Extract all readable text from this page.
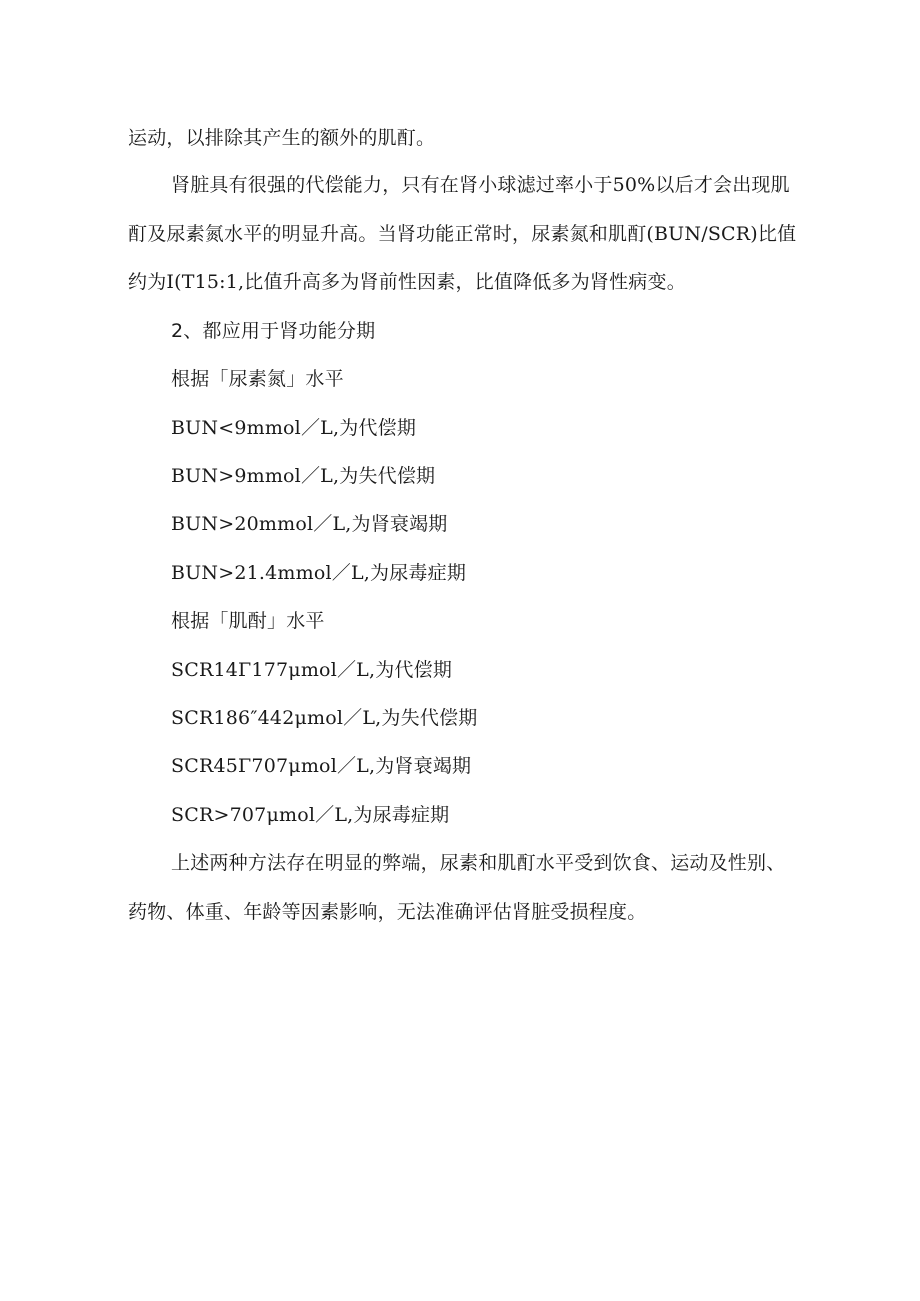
运动，以排除其产生的额外的肌酊。
肾脏具有很强的代偿能力，只有在肾小球滤过率小于50%以后才会出现肌
酊及尿素氮水平的明显升高。当肾功能正常时，尿素氮和肌酊(BUN/SCR)比值
约为I(T15:1,比值升高多为肾前性因素，比值降低多为肾性病变。
2、都应用于肾功能分期
根据「尿素氮」水平
BUN<9mmol／L,为代偿期
BUN>9mmol／L,为失代偿期
BUN>20mmol／L,为肾衰竭期
BUN>21.4mmol／L,为尿毒症期
根据「肌酎」水平
SCR14Γ177μmol／L,为代偿期
SCR186″442μmol／L,为失代偿期
SCR45Γ707μmol／L,为肾衰竭期
SCR>707μmol／L,为尿毒症期
上述两种方法存在明显的弊端，尿素和肌酊水平受到饮食、运动及性别、
药物、体重、年龄等因素影响，无法准确评估肾脏受损程度。
